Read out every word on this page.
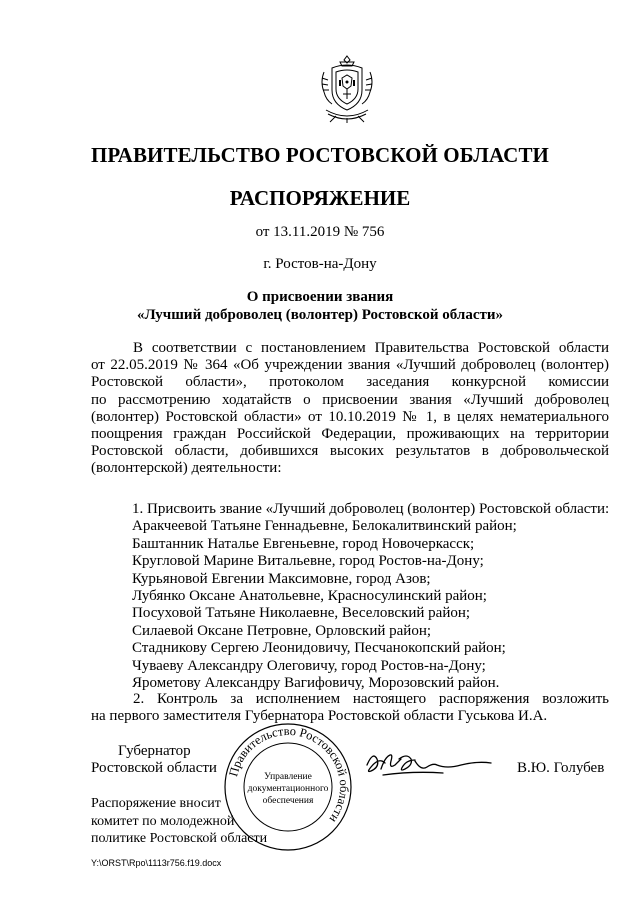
ПРАВИТЕЛЬСТВО РОСТОВСКОЙ ОБЛАСТИ
РАСПОРЯЖЕНИЕ
от 13.11.2019 № 756
г. Ростов-на-Дону
О присвоении звания
«Лучший доброволец (волонтер) Ростовской области»
В соответствии с постановлением Правительства Ростовской области
от 22.05.2019 № 364 «Об учреждении звания «Лучший доброволец (волонтер)
Ростовской области», протоколом заседания конкурсной комиссии
по рассмотрению ходатайств о присвоении звания «Лучший доброволец
(волонтер) Ростовской области» от 10.10.2019 № 1, в целях нематериального
поощрения граждан Российской Федерации, проживающих на территории
Ростовской области, добившихся высоких результатов в добровольческой
(волонтерской) деятельности:
1. Присвоить звание «Лучший доброволец (волонтер) Ростовской области:
Аракчеевой Татьяне Геннадьевне, Белокалитвинский район;
Баштанник Наталье Евгеньевне, город Новочеркасск;
Кругловой Марине Витальевне, город Ростов-на-Дону;
Курьяновой Евгении Максимовне, город Азов;
Лубянко Оксане Анатольевне, Красносулинский район;
Посуховой Татьяне Николаевне, Веселовский район;
Силаевой Оксане Петровне, Орловский район;
Стадникову Сергею Леонидовичу, Песчанокопский район;
Чуваеву Александру Олеговичу, город Ростов-на-Дону;
Ярометову Александру Вагифовичу, Морозовский район.
2. Контроль за исполнением настоящего распоряжения возложить
на первого заместителя Губернатора Ростовской области Гуськова И.А.
Губернатор
Ростовской области	В.Ю. Голубев
Правительство Ростовской области
Управление
документационного
обеспечения
Распоряжение вносит
комитет по молодежной
политике Ростовской области
Y:\ORST\Rpo\1113r756.f19.docx
